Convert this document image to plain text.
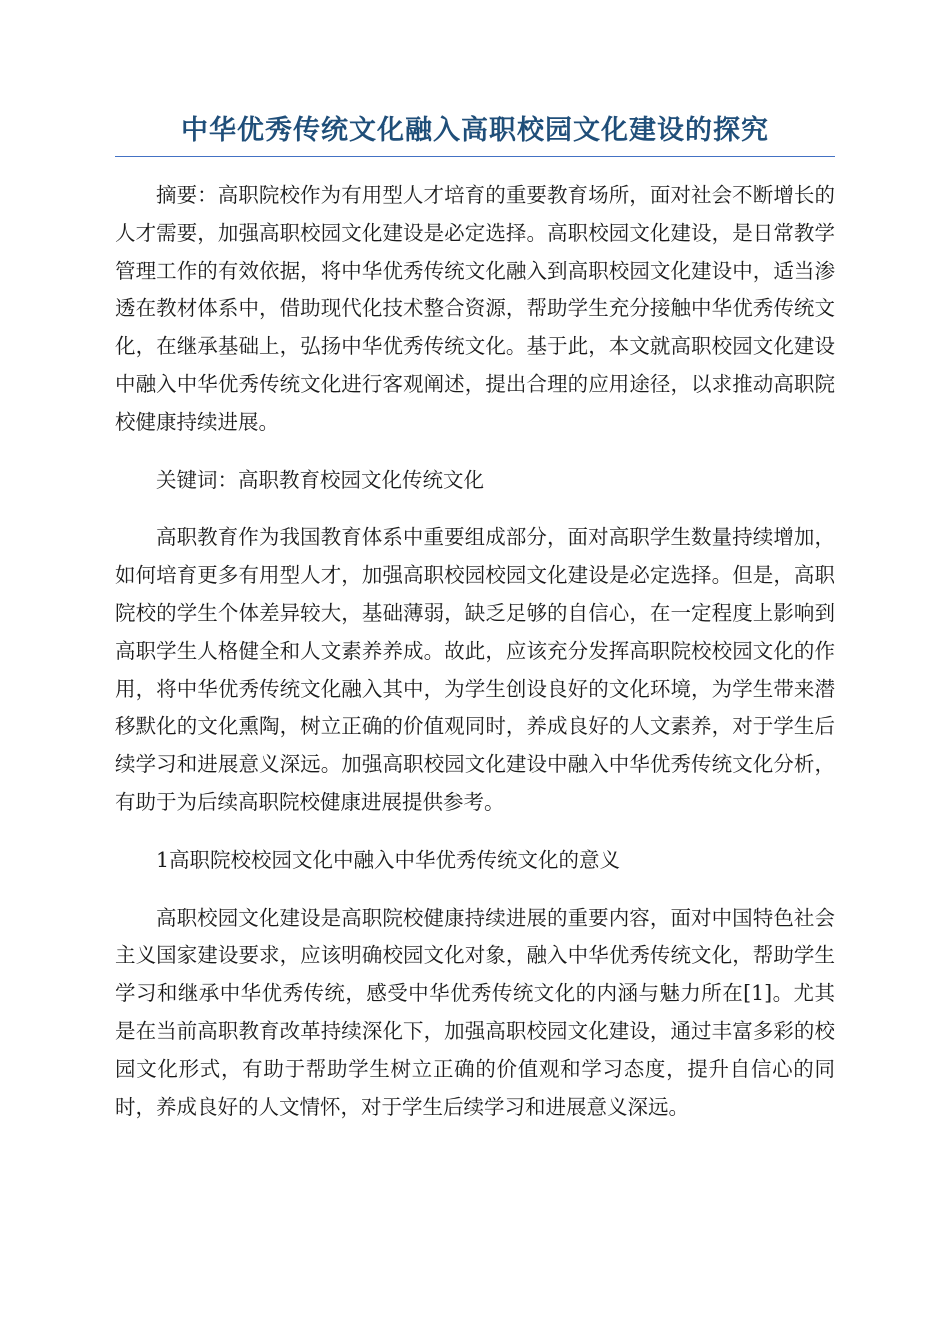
中华优秀传统文化融入高职校园文化建设的探究

摘要：高职院校作为有用型人才培育的重要教育场所，面对社会不断增长的人才需要，加强高职校园文化建设是必定选择。高职校园文化建设，是日常教学管理工作的有效依据，将中华优秀传统文化融入到高职校园文化建设中，适当渗透在教材体系中，借助现代化技术整合资源，帮助学生充分接触中华优秀传统文化，在继承基础上，弘扬中华优秀传统文化。基于此，本文就高职校园文化建设中融入中华优秀传统文化进行客观阐述，提出合理的应用途径，以求推动高职院校健康持续进展。

关键词：高职教育校园文化传统文化

高职教育作为我国教育体系中重要组成部分，面对高职学生数量持续增加，如何培育更多有用型人才，加强高职校园校园文化建设是必定选择。但是，高职院校的学生个体差异较大，基础薄弱，缺乏足够的自信心，在一定程度上影响到高职学生人格健全和人文素养养成。故此，应该充分发挥高职院校校园文化的作用，将中华优秀传统文化融入其中，为学生创设良好的文化环境，为学生带来潜移默化的文化熏陶，树立正确的价值观同时，养成良好的人文素养，对于学生后续学习和进展意义深远。加强高职校园文化建设中融入中华优秀传统文化分析，有助于为后续高职院校健康进展提供参考。

1高职院校校园文化中融入中华优秀传统文化的意义

高职校园文化建设是高职院校健康持续进展的重要内容，面对中国特色社会主义国家建设要求，应该明确校园文化对象，融入中华优秀传统文化，帮助学生学习和继承中华优秀传统，感受中华优秀传统文化的内涵与魅力所在[1]。尤其是在当前高职教育改革持续深化下，加强高职校园文化建设，通过丰富多彩的校园文化形式，有助于帮助学生树立正确的价值观和学习态度，提升自信心的同时，养成良好的人文情怀，对于学生后续学习和进展意义深远。
